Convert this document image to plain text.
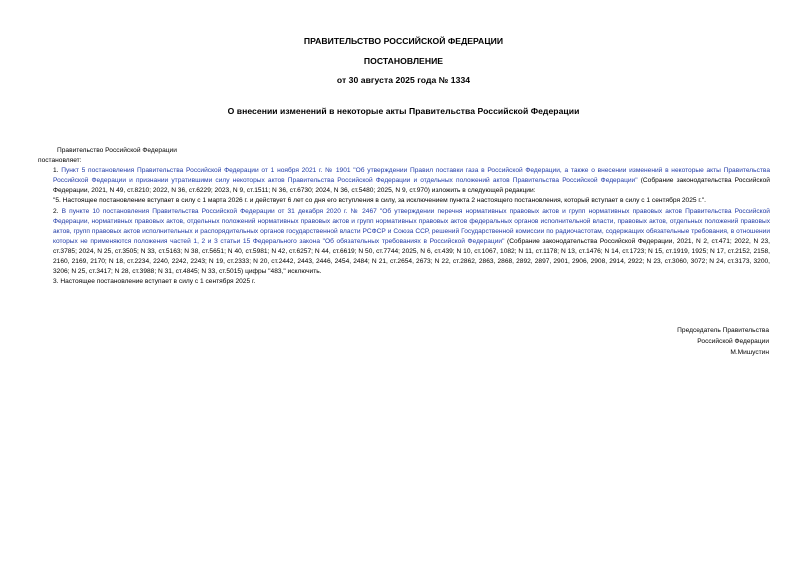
ПРАВИТЕЛЬСТВО РОССИЙСКОЙ ФЕДЕРАЦИИ
ПОСТАНОВЛЕНИЕ
от 30 августа 2025 года № 1334
О внесении изменений в некоторые акты Правительства Российской Федерации

Правительство Российской Федерации

постановляет:

1. Пункт 5 постановления Правительства Российской Федерации от 1 ноября 2021 г. № 1901 "Об утверждении Правил поставки газа в Российской Федерации, а также о внесении изменений в некоторые акты Правительства Российской Федерации и признании утратившими силу некоторых актов Правительства Российской Федерации и отдельных положений актов Правительства Российской Федерации" (Собрание законодательства Российской Федерации, 2021, N 49, ст.8210; 2022, N 36, ст.6229; 2023, N 9, ст.1511; N 36, ст.6730; 2024, N 36, ст.5480; 2025, N 9, ст.970) изложить в следующей редакции:

"5. Настоящее постановление вступает в силу с 1 марта 2026 г. и действует 6 лет со дня его вступления в силу, за исключением пункта 2 настоящего постановления, который вступает в силу с 1 сентября 2025 г.".

2. В пункте 10 постановления Правительства Российской Федерации от 31 декабря 2020 г. № 2467 "Об утверждении перечня нормативных правовых актов и групп нормативных правовых актов Правительства Российской Федерации, нормативных правовых актов, отдельных положений нормативных правовых актов и групп нормативных правовых актов федеральных органов исполнительной власти, правовых актов, отдельных положений правовых актов, групп правовых актов исполнительных и распорядительных органов государственной власти РСФСР и Союза ССР, решений Государственной комиссии по радиочастотам, содержащих обязательные требования, в отношении которых не применяются положения частей 1, 2 и 3 статьи 15 Федерального закона "Об обязательных требованиях в Российской Федерации" (Собрание законодательства Российской Федерации, 2021, N 2, ст.471; 2022, N 23, ст.3785; 2024, N 25, ст.3505; N 33, ст.5163; N 38, ст.5651; N 40, ст.5981; N 42, ст.6257; N 44, ст.6619; N 50, ст.7744; 2025, N 6, ст.439; N 10, ст.1067, 1082; N 11, ст.1178; N 13, ст.1476; N 14, ст.1723; N 15, ст.1919, 1925; N 17, ст.2152, 2158, 2160, 2169, 2170; N 18, ст.2234, 2240, 2242, 2243; N 19, ст.2333; N 20, ст.2442, 2443, 2446, 2454, 2484; N 21, ст.2654, 2673; N 22, ст.2862, 2863, 2868, 2892, 2897, 2901, 2906, 2908, 2914, 2922; N 23, ст.3060, 3072; N 24, ст.3173, 3200, 3206; N 25, ст.3417; N 28, ст.3988; N 31, ст.4845; N 33, ст.5015) цифры "483," исключить.

3. Настоящее постановление вступает в силу с 1 сентября 2025 г.

Председатель Правительства
Российской Федерации
М.Мишустин
